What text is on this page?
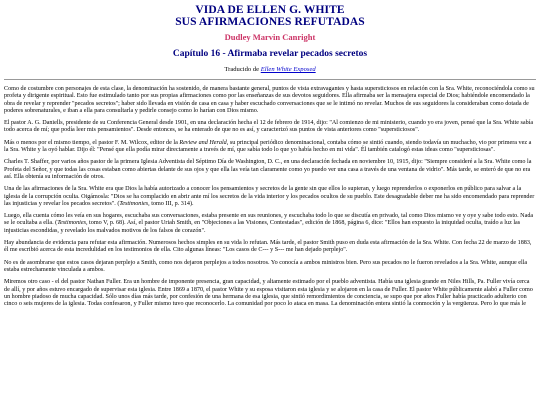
VIDA DE ELLEN G. WHITE
SUS AFIRMACIONES REFUTADAS

Dudley Marvin Canright

Capítulo 16 - Afirmaba revelar pecados secretos

Traducido de Ellen White Exposed

Como de costumbre con personajes de esta clase, la denominación ha sostenido, de manera bastante general, puntos de vista extravagantes y hasta supersticiosos en relación con la Sra. White, reconociéndola como su profeta y dirigente espiritual. Esto fue estimulado tanto por sus propias afirmaciones como por las enseñanzas de sus devotos seguidores. Ella afirmaba ser la mensajera especial de Dios; habiéndole encomendado la obra de revelar y reprender "pecados secretos"; haber sido llevada en visión de casa en casa y haber escuchado conversaciones que se le intimó no revelar. Muchos de sus seguidores la consideraban como dotada de poderes sobrenaturales, e iban a ella para consultarla y pedirle consejo como lo harían con Dios mismo.

El pastor A. G. Daniells, presidente de su Conferencia General desde 1901, en una declaración hecha el 12 de febrero de 1914, dijo: "Al comienzo de mi ministerio, cuando yo era joven, pensé que la Sra. White sabía todo acerca de mí; que podía leer mis pensamientos". Desde entonces, se ha enterado de que no es así, y caracterizó sus puntos de vista anteriores como "supersticiosos".

Más o menos por el mismo tiempo, el pastor F. M. Wilcox, editor de la Review and Herald, su principal periódico denominacional, contaba cómo se sintió cuando, siendo todavía un muchacho, vio por primera vez a la Sra. White y la oyó hablar. Dijo él: "Pensé que ella podía mirar directamente a través de mí, que sabía todo lo que yo había hecho en mi vida". Él también catalogó estas ideas como "supersticiosas".

Charles T. Shaffer, por varios años pastor de la primera Iglesia Adventista del Séptimo Día de Washington, D. C., en una declaración fechada en noviembre 10, 1915, dijo: "Siempre consideré a la Sra. White como la Profeta del Señor, y que todas las cosas estaban como abiertas delante de sus ojos y que ella las veía tan claramente como yo puedo ver una casa a través de una ventana de vidrio". Más tarde, se enteró de que no era así. Ella obtenía su información de otros.

Una de las afirmaciones de la Sra. White era que Dios la había autorizado a conocer los pensamientos y secretos de la gente sin que ellos lo supieran, y luego reprenderlos o exponerlos en público para salvar a la iglesia de la corrupción oculta. Oigámosla: "Dios se ha complacido en abrir ante mí los secretos de la vida interior y los pecados ocultos de su pueblo. Este desagradable deber me ha sido encomendado para reprender las injusticias y revelar los pecados secretos". (Testimonies, tomo III, p. 314).

Luego, ella cuenta cómo les veía en sus hogares, escuchaba sus conversaciones, estaba presente en sus reuniones, y escuchaba todo lo que se discutía en privado, tal como Dios mismo ve y oye y sabe todo esto. Nada se le ocultaba a ella. (Testimonies, tomo V, p. 68). Así, el pastor Uriah Smith, en "Objeciones a las Visiones, Contestadas", edición de 1868, página 6, dice: "Ellos han expuesto la iniquidad oculta, traído a luz las injusticias escondidas, y revelado los malvados motivos de los falsos de corazón".

Hay abundancia de evidencia para refutar esta afirmación. Numerosos hechos simples en su vida lo refutan. Más tarde, el pastor Smith puso en duda esta afirmación de la Sra. White. Con fecha 22 de marzo de 1883, él me escribió acerca de esta incredulidad en los testimonios de ella. Cito algunas líneas: "Los casos de C--- y S--- me han dejado perplejo".

No es de asombrarse que estos casos dejaran perplejo a Smith, como nos dejaron perplejos a todos nosotros. Yo conocía a ambos ministros bien. Pero sus pecados no le fueron revelados a la Sra. White, aunque ella estaba estrechamente vinculada a ambos.

Miremos otro caso - el del pastor Nathan Fuller. Era un hombre de imponente presencia, gran capacidad, y altamente estimado por el pueblo adventista. Había una iglesia grande en Niles Hills, Pa. Fuller vivía cerca de allí, y por años estuvo encargado de supervisar esta iglesia. Entre 1869 a 1870, el pastor White y su esposa visitaron esta iglesia y se alojaron en la casa de Fuller. El pastor White públicamente alabó a Fuller como un hombre piadoso de mucha capacidad. Sólo unos días más tarde, por confesión de una hermana de esa iglesia, que sintió remordimientos de conciencia, se supo que por años Fuller había practicado adulterio con cinco o seis mujeres de la iglesia. Todas confesaron, y Fuller mismo tuvo que reconocerlo. La comunidad por poco lo ataca en masa. La denominación entera sintió la conmoción y la vergüenza. Pero lo que más le
